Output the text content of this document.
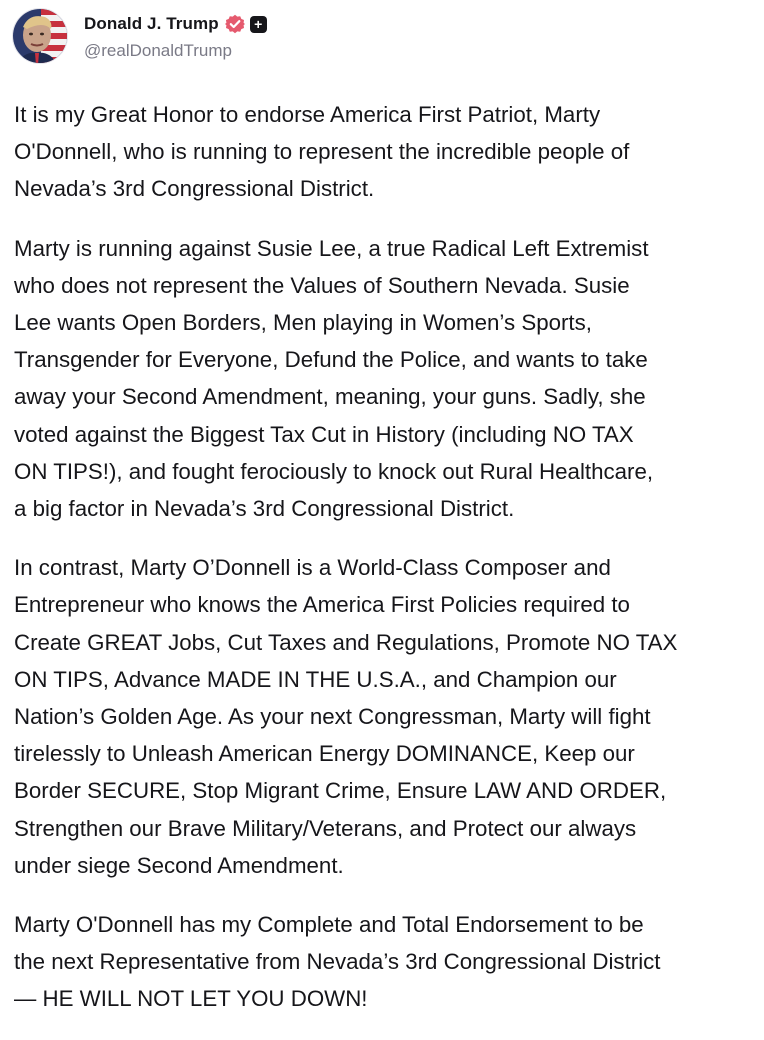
Donald J. Trump	+
@realDonaldTrump

It is my Great Honor to endorse America First Patriot, Marty
O'Donnell, who is running to represent the incredible people of
Nevada’s 3rd Congressional District.

Marty is running against Susie Lee, a true Radical Left Extremist
who does not represent the Values of Southern Nevada. Susie
Lee wants Open Borders, Men playing in Women’s Sports,
Transgender for Everyone, Defund the Police, and wants to take
away your Second Amendment, meaning, your guns. Sadly, she
voted against the Biggest Tax Cut in History (including NO TAX
ON TIPS!), and fought ferociously to knock out Rural Healthcare,
a big factor in Nevada’s 3rd Congressional District.

In contrast, Marty O’Donnell is a World-Class Composer and
Entrepreneur who knows the America First Policies required to
Create GREAT Jobs, Cut Taxes and Regulations, Promote NO TAX
ON TIPS, Advance MADE IN THE U.S.A., and Champion our
Nation’s Golden Age. As your next Congressman, Marty will fight
tirelessly to Unleash American Energy DOMINANCE, Keep our
Border SECURE, Stop Migrant Crime, Ensure LAW AND ORDER,
Strengthen our Brave Military/Veterans, and Protect our always
under siege Second Amendment.

Marty O'Donnell has my Complete and Total Endorsement to be
the next Representative from Nevada’s 3rd Congressional District
— HE WILL NOT LET YOU DOWN!
